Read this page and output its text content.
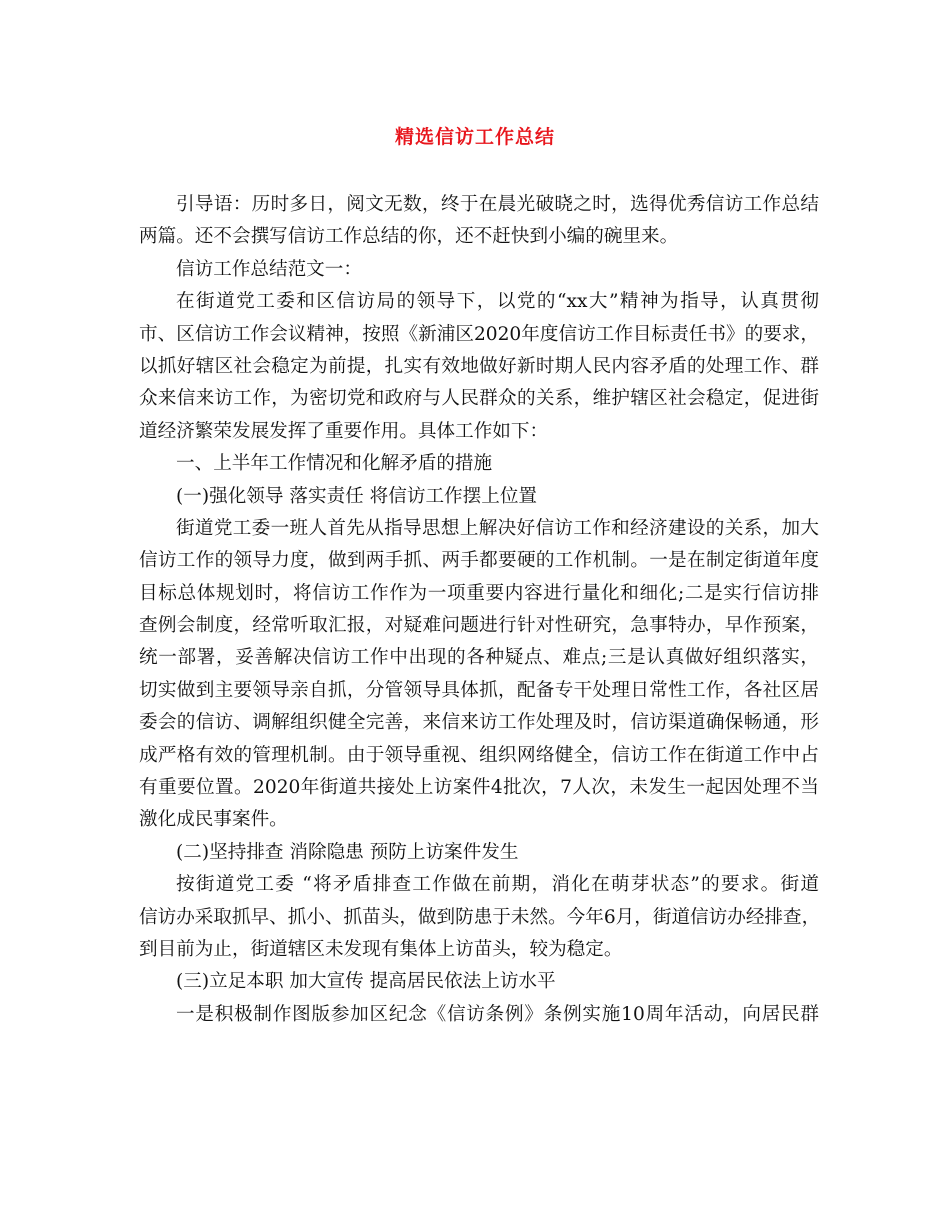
精选信访工作总结
引导语：历时多日，阅文无数，终于在晨光破晓之时，选得优秀信访工作总结
两篇。还不会撰写信访工作总结的你，还不赶快到小编的碗里来。
信访工作总结范文一：
在街道党工委和区信访局的领导下，以党的“xx大”精神为指导，认真贯彻
市、区信访工作会议精神，按照《新浦区2020年度信访工作目标责任书》的要求，
以抓好辖区社会稳定为前提，扎实有效地做好新时期人民内容矛盾的处理工作、群
众来信来访工作，为密切党和政府与人民群众的关系，维护辖区社会稳定，促进街
道经济繁荣发展发挥了重要作用。具体工作如下：
一、上半年工作情况和化解矛盾的措施
(一)强化领导 落实责任 将信访工作摆上位置
街道党工委一班人首先从指导思想上解决好信访工作和经济建设的关系，加大
信访工作的领导力度，做到两手抓、两手都要硬的工作机制。一是在制定街道年度
目标总体规划时，将信访工作作为一项重要内容进行量化和细化;二是实行信访排
查例会制度，经常听取汇报，对疑难问题进行针对性研究，急事特办，早作预案，
统一部署，妥善解决信访工作中出现的各种疑点、难点;三是认真做好组织落实，
切实做到主要领导亲自抓，分管领导具体抓，配备专干处理日常性工作，各社区居
委会的信访、调解组织健全完善，来信来访工作处理及时，信访渠道确保畅通，形
成严格有效的管理机制。由于领导重视、组织网络健全，信访工作在街道工作中占
有重要位置。2020年街道共接处上访案件4批次，7人次，未发生一起因处理不当
激化成民事案件。
(二)坚持排查 消除隐患 预防上访案件发生
按街道党工委 “将矛盾排查工作做在前期，消化在萌芽状态”的要求。街道
信访办采取抓早、抓小、抓苗头，做到防患于未然。今年6月，街道信访办经排查，
到目前为止，街道辖区未发现有集体上访苗头，较为稳定。
(三)立足本职 加大宣传 提高居民依法上访水平
一是积极制作图版参加区纪念《信访条例》条例实施10周年活动，向居民群
